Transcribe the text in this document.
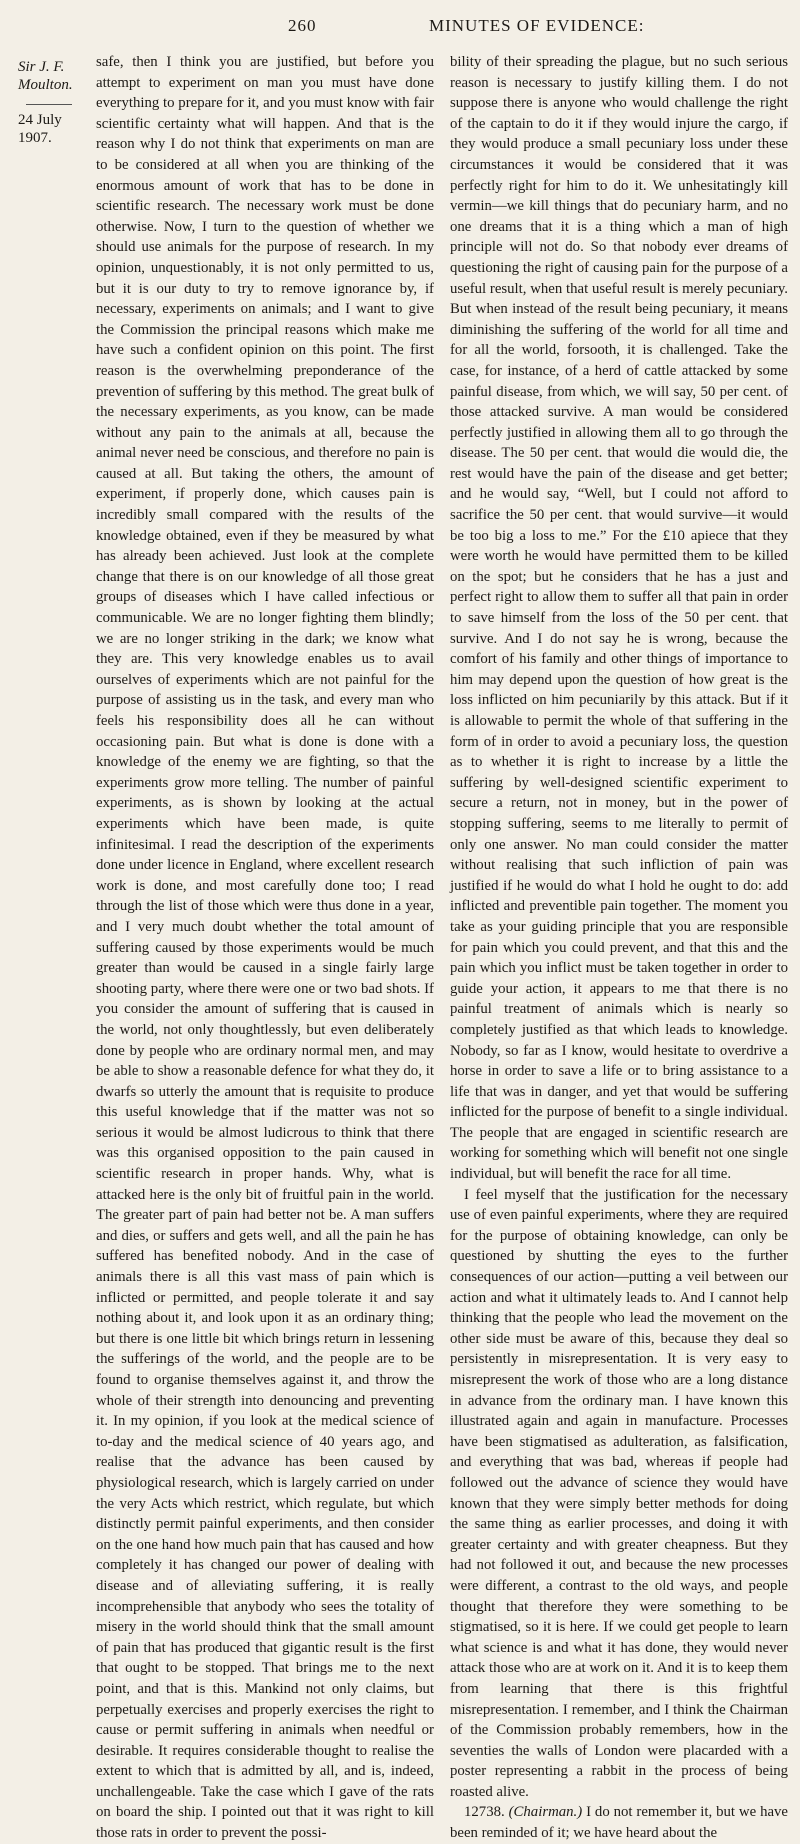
260	MINUTES OF EVIDENCE:
Sir J. F. Moulton.
24 July 1907.

safe, then I think you are justified, but before you attempt to experiment on man you must have done everything to prepare for it, and you must know with fair scientific certainty what will happen. And that is the reason why I do not think that experiments on man are to be considered at all when you are thinking of the enormous amount of work that has to be done in scientific research. The necessary work must be done otherwise. Now, I turn to the question of whether we should use animals for the purpose of research. In my opinion, unquestionably, it is not only permitted to us, but it is our duty to try to remove ignorance by, if necessary, experiments on animals; and I want to give the Commission the principal reasons which make me have such a confident opinion on this point. The first reason is the overwhelming preponderance of the prevention of suffering by this method. The great bulk of the necessary experiments, as you know, can be made without any pain to the animals at all, because the animal never need be conscious, and therefore no pain is caused at all. But taking the others, the amount of experiment, if properly done, which causes pain is incredibly small compared with the results of the knowledge obtained, even if they be measured by what has already been achieved. Just look at the complete change that there is on our knowledge of all those great groups of diseases which I have called infectious or communicable. We are no longer fighting them blindly; we are no longer striking in the dark; we know what they are. This very knowledge enables us to avail ourselves of experiments which are not painful for the purpose of assisting us in the task, and every man who feels his responsibility does all he can without occasioning pain. But what is done is done with a knowledge of the enemy we are fighting, so that the experiments grow more telling. The number of painful experiments, as is shown by looking at the actual experiments which have been made, is quite infinitesimal. I read the description of the experiments done under licence in England, where excellent research work is done, and most carefully done too; I read through the list of those which were thus done in a year, and I very much doubt whether the total amount of suffering caused by those experiments would be much greater than would be caused in a single fairly large shooting party, where there were one or two bad shots. If you consider the amount of suffering that is caused in the world, not only thoughtlessly, but even deliberately done by people who are ordinary normal men, and may be able to show a reasonable defence for what they do, it dwarfs so utterly the amount that is requisite to produce this useful knowledge that if the matter was not so serious it would be almost ludicrous to think that there was this organised opposition to the pain caused in scientific research in proper hands. Why, what is attacked here is the only bit of fruitful pain in the world. The greater part of pain had better not be. A man suffers and dies, or suffers and gets well, and all the pain he has suffered has benefited nobody. And in the case of animals there is all this vast mass of pain which is inflicted or permitted, and people tolerate it and say nothing about it, and look upon it as an ordinary thing; but there is one little bit which brings return in lessening the sufferings of the world, and the people are to be found to organise themselves against it, and throw the whole of their strength into denouncing and preventing it. In my opinion, if you look at the medical science of to-day and the medical science of 40 years ago, and realise that the advance has been caused by physiological research, which is largely carried on under the very Acts which restrict, which regulate, but which distinctly permit painful experiments, and then consider on the one hand how much pain that has caused and how completely it has changed our power of dealing with disease and of alleviating suffering, it is really incomprehensible that anybody who sees the totality of misery in the world should think that the small amount of pain that has produced that gigantic result is the first that ought to be stopped. That brings me to the next point, and that is this. Mankind not only claims, but perpetually exercises and properly exercises the right to cause or permit suffering in animals when needful or desirable. It requires considerable thought to realise the extent to which that is admitted by all, and is, indeed, unchallengeable. Take the case which I gave of the rats on board the ship. I pointed out that it was right to kill those rats in order to prevent the possi-

bility of their spreading the plague, but no such serious reason is necessary to justify killing them. I do not suppose there is anyone who would challenge the right of the captain to do it if they would injure the cargo, if they would produce a small pecuniary loss under these circumstances it would be considered that it was perfectly right for him to do it. We unhesitatingly kill vermin—we kill things that do pecuniary harm, and no one dreams that it is a thing which a man of high principle will not do. So that nobody ever dreams of questioning the right of causing pain for the purpose of a useful result, when that useful result is merely pecuniary. But when instead of the result being pecuniary, it means diminishing the suffering of the world for all time and for all the world, forsooth, it is challenged. Take the case, for instance, of a herd of cattle attacked by some painful disease, from which, we will say, 50 per cent. of those attacked survive. A man would be considered perfectly justified in allowing them all to go through the disease. The 50 per cent. that would die would die, the rest would have the pain of the disease and get better; and he would say, “Well, but I could not afford to sacrifice the 50 per cent. that would survive—it would be too big a loss to me.” For the £10 apiece that they were worth he would have permitted them to be killed on the spot; but he considers that he has a just and perfect right to allow them to suffer all that pain in order to save himself from the loss of the 50 per cent. that survive. And I do not say he is wrong, because the comfort of his family and other things of importance to him may depend upon the question of how great is the loss inflicted on him pecuniarily by this attack. But if it is allowable to permit the whole of that suffering in the form of in order to avoid a pecuniary loss, the question as to whether it is right to increase by a little the suffering by well-designed scientific experiment to secure a return, not in money, but in the power of stopping suffering, seems to me literally to permit of only one answer. No man could consider the matter without realising that such infliction of pain was justified if he would do what I hold he ought to do: add inflicted and preventible pain together. The moment you take as your guiding principle that you are responsible for pain which you could prevent, and that this and the pain which you inflict must be taken together in order to guide your action, it appears to me that there is no painful treatment of animals which is nearly so completely justified as that which leads to knowledge. Nobody, so far as I know, would hesitate to overdrive a horse in order to save a life or to bring assistance to a life that was in danger, and yet that would be suffering inflicted for the purpose of benefit to a single individual. The people that are engaged in scientific research are working for something which will benefit not one single individual, but will benefit the race for all time.

I feel myself that the justification for the necessary use of even painful experiments, where they are required for the purpose of obtaining knowledge, can only be questioned by shutting the eyes to the further consequences of our action—putting a veil between our action and what it ultimately leads to. And I cannot help thinking that the people who lead the movement on the other side must be aware of this, because they deal so persistently in misrepresentation. It is very easy to misrepresent the work of those who are a long distance in advance from the ordinary man. I have known this illustrated again and again in manufacture. Processes have been stigmatised as adulteration, as falsification, and everything that was bad, whereas if people had followed out the advance of science they would have known that they were simply better methods for doing the same thing as earlier processes, and doing it with greater certainty and with greater cheapness. But they had not followed it out, and because the new processes were different, a contrast to the old ways, and people thought that therefore they were something to be stigmatised, so it is here. If we could get people to learn what science is and what it has done, they would never attack those who are at work on it. And it is to keep them from learning that there is this frightful misrepresentation. I remember, and I think the Chairman of the Commission probably remembers, how in the seventies the walls of London were placarded with a poster representing a rabbit in the process of being roasted alive.

12738. (Chairman.) I do not remember it, but we have been reminded of it; we have heard about the
